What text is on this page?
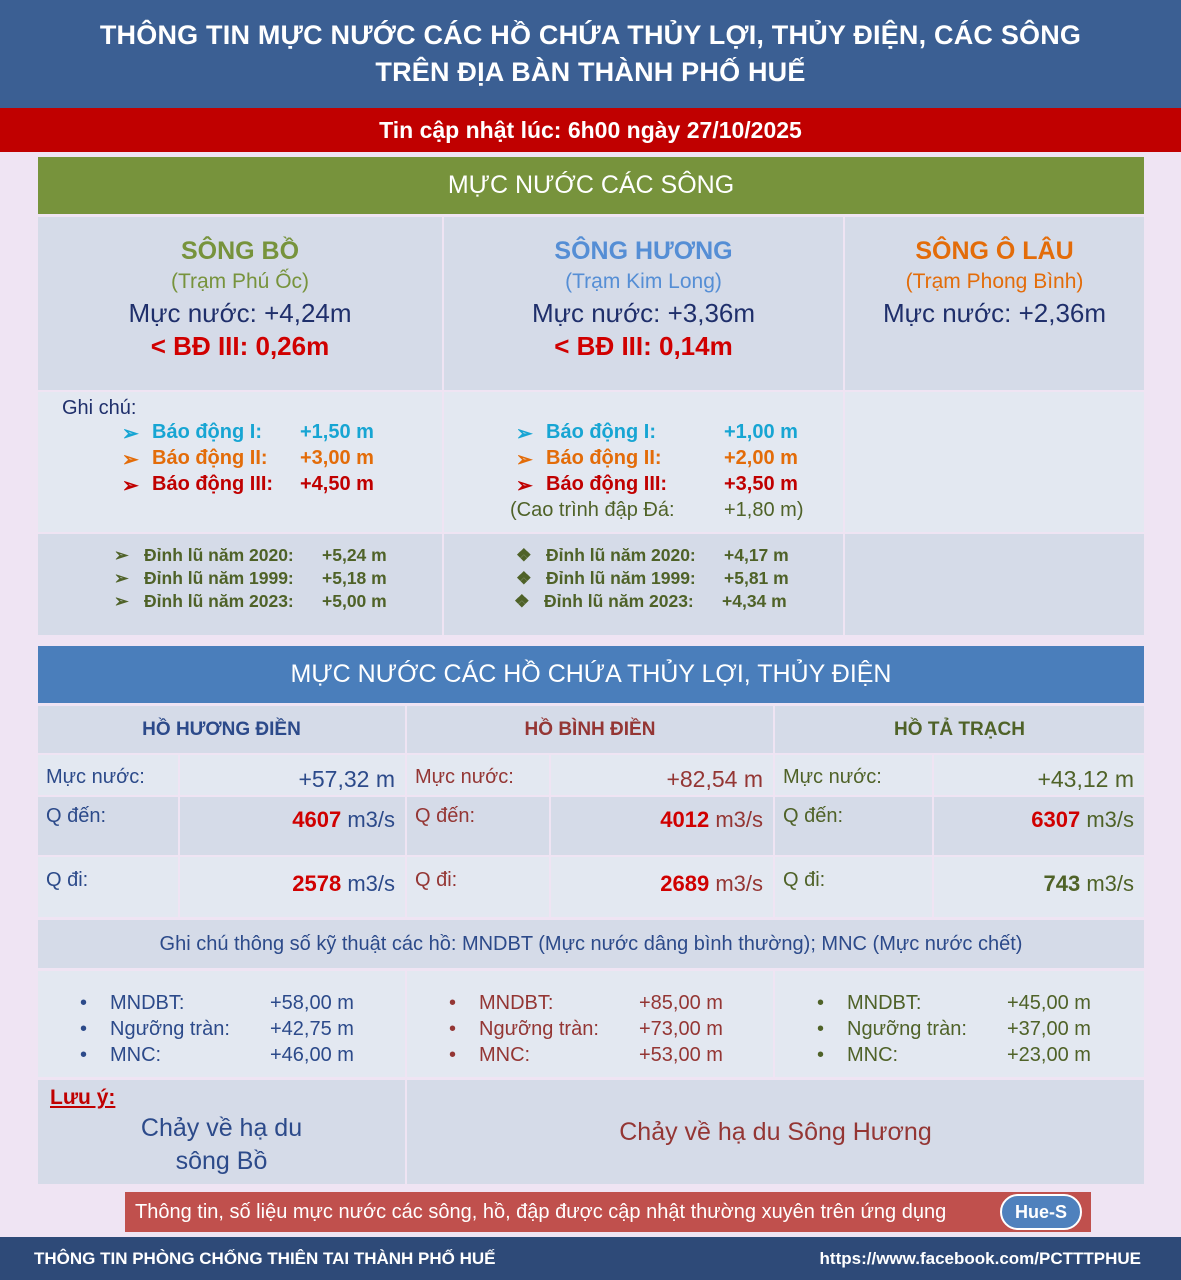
THÔNG TIN MỰC NƯỚC CÁC HỒ CHỨA THỦY LỢI, THỦY ĐIỆN, CÁC SÔNG
TRÊN ĐỊA BÀN THÀNH PHỐ HUẾ
Tin cập nhật lúc: 6h00 ngày 27/10/2025
MỰC NƯỚC CÁC SÔNG
SÔNG BỒ
(Trạm Phú Ốc)
Mực nước: +4,24m
< BĐ III: 0,26m
SÔNG HƯƠNG
(Trạm Kim Long)
Mực nước: +3,36m
< BĐ III: 0,14m
SÔNG Ô LÂU
(Trạm Phong Bình)
Mực nước: +2,36m
Ghi chú:
➢ Báo động I:	+1,50 m
➢ Báo động II:	+3,00 m
➢ Báo động III:	+4,50 m
➢ Báo động I:	+1,00 m
➢ Báo động II:	+2,00 m
➢ Báo động III:	+3,50 m
(Cao trình đập Đá:	+1,80 m)
➢ Đỉnh lũ năm 2020:	+5,24 m
➢ Đỉnh lũ năm 1999:	+5,18 m
➢ Đỉnh lũ năm 2023:	+5,00 m
❖ Đỉnh lũ năm 2020:	+4,17 m
❖ Đỉnh lũ năm 1999:	+5,81 m
❖ Đỉnh lũ năm 2023:	+4,34 m
MỰC NƯỚC CÁC HỒ CHỨA THỦY LỢI, THỦY ĐIỆN
HỒ HƯƠNG ĐIỀN	HỒ BÌNH ĐIỀN	HỒ TẢ TRẠCH
Mực nước:	+57,32 m
Q đến:	4607 m3/s
Q đi:	2578 m3/s
Mực nước:	+82,54 m
Q đến:	4012 m3/s
Q đi:	2689 m3/s
Mực nước:	+43,12 m
Q đến:	6307 m3/s
Q đi:	743 m3/s
Ghi chú thông số kỹ thuật các hồ: MNDBT (Mực nước dâng bình thường); MNC (Mực nước chết)
•	MNDBT:	+58,00 m
•	Ngưỡng tràn:	+42,75 m
•	MNC:	+46,00 m
•	MNDBT:	+85,00 m
•	Ngưỡng tràn:	+73,00 m
•	MNC:	+53,00 m
•	MNDBT:	+45,00 m
•	Ngưỡng tràn:	+37,00 m
•	MNC:	+23,00 m
Lưu ý:
Chảy về hạ du
sông Bồ
Chảy về hạ du Sông Hương
Thông tin, số liệu mực nước các sông, hồ, đập được cập nhật thường xuyên trên ứng dụng	Hue-S
THÔNG TIN PHÒNG CHỐNG THIÊN TAI THÀNH PHỐ HUẾ	https://www.facebook.com/PCTTTPHUE
